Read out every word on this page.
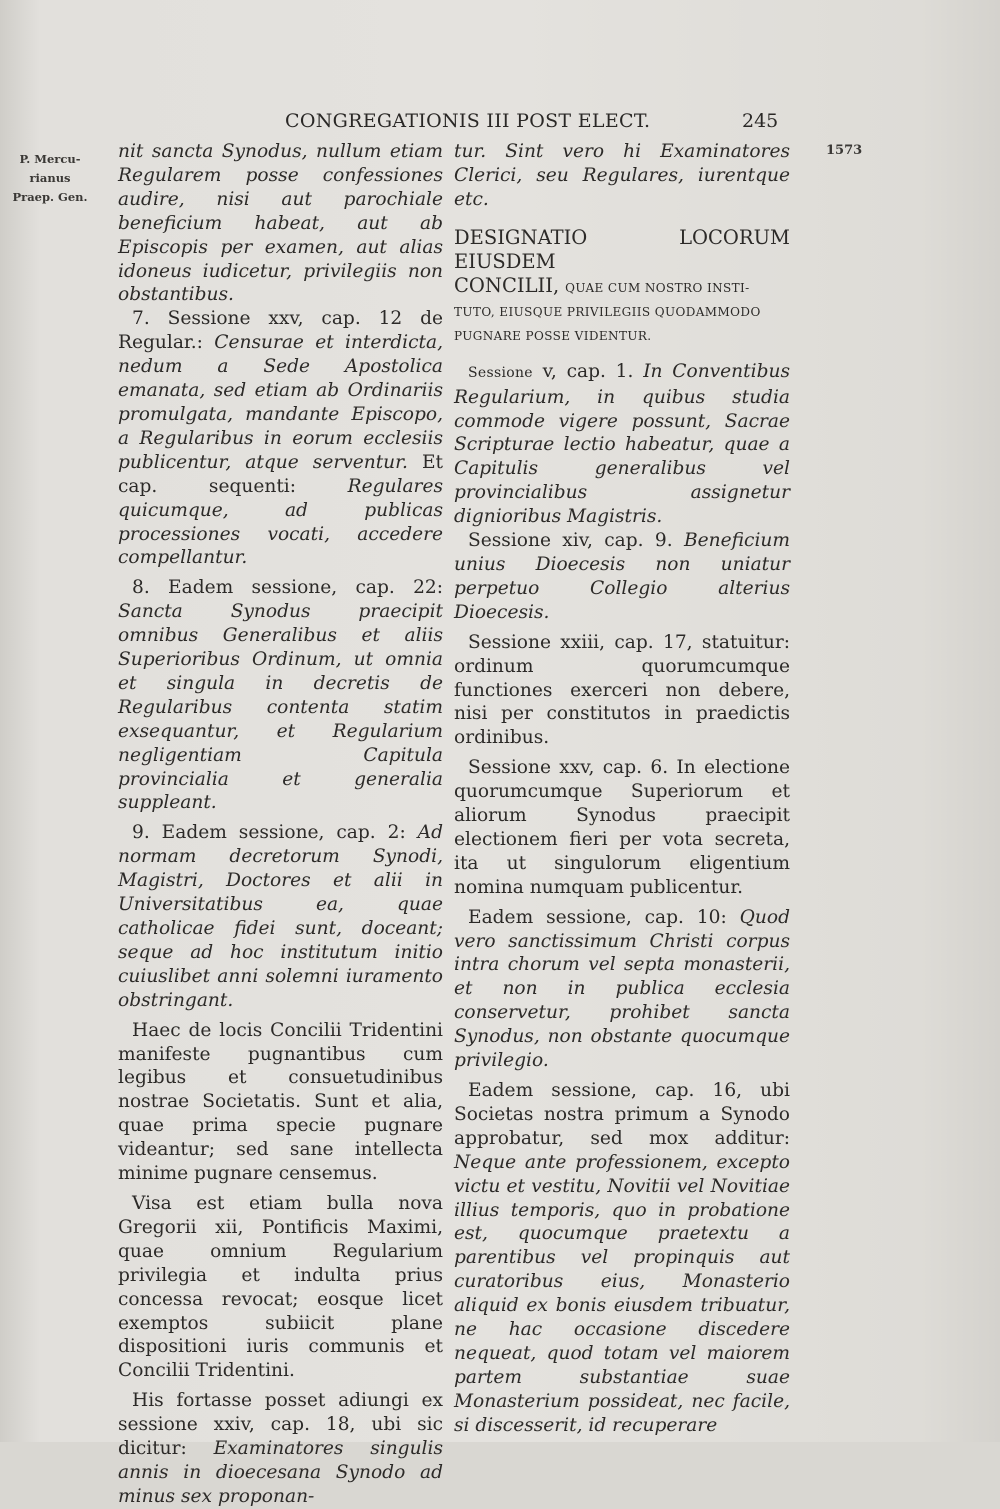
CONGREGATIONIS III POST ELECT.	245
P. Mercu-
rianus
Praep. Gen.
1573

nit sancta Synodus, nullum etiam Regularem posse confessiones audire, nisi aut parochiale beneficium habeat, aut ab Episcopis per examen, aut alias idoneus iudicetur, privilegiis non obstantibus.

7. Sessione xxv, cap. 12 de Regular.: Censurae et interdicta, nedum a Sede Apostolica emanata, sed etiam ab Ordinariis promulgata, mandante Episcopo, a Regularibus in eorum ecclesiis publicentur, atque serventur. Et cap. sequenti: Regulares quicumque, ad publicas processiones vocati, accedere compellantur.

8. Eadem sessione, cap. 22: Sancta Synodus praecipit omnibus Generalibus et aliis Superioribus Ordinum, ut omnia et singula in decretis de Regularibus contenta statim exsequantur, et Regularium negligentiam Capitula provincialia et generalia suppleant.

9. Eadem sessione, cap. 2: Ad normam decretorum Synodi, Magistri, Doctores et alii in Universitatibus ea, quae catholicae fidei sunt, doceant; seque ad hoc institutum initio cuiuslibet anni solemni iuramento obstringant.

Haec de locis Concilii Tridentini manifeste pugnantibus cum legibus et consuetudinibus nostrae Societatis. Sunt et alia, quae prima specie pugnare videantur; sed sane intellecta minime pugnare censemus.

Visa est etiam bulla nova Gregorii xii, Pontificis Maximi, quae omnium Regularium privilegia et indulta prius concessa revocat; eosque licet exemptos subiicit plane dispositioni iuris communis et Concilii Tridentini.

His fortasse posset adiungi ex sessione xxiv, cap. 18, ubi sic dicitur: Examinatores singulis annis in dioecesana Synodo ad minus sex proponan-

tur. Sint vero hi Examinatores Clerici, seu Regulares, iurentque etc.

DESIGNATIO LOCORUM EIUSDEM
CONCILII, QUAE CUM NOSTRO INSTI-
TUTO, EIUSQUE PRIVILEGIIS QUODAMMODO
PUGNARE POSSE VIDENTUR.

Sessione v, cap. 1. In Conventibus Regularium, in quibus studia commode vigere possunt, Sacrae Scripturae lectio habeatur, quae a Capitulis generalibus vel provincialibus assignetur dignioribus Magistris.

Sessione xiv, cap. 9. Beneficium unius Dioecesis non uniatur perpetuo Collegio alterius Dioecesis.

Sessione xxiii, cap. 17, statuitur: ordinum quorumcumque functiones exerceri non debere, nisi per constitutos in praedictis ordinibus.

Sessione xxv, cap. 6. In electione quorumcumque Superiorum et aliorum Synodus praecipit electionem fieri per vota secreta, ita ut singulorum eligentium nomina numquam publicentur.

Eadem sessione, cap. 10: Quod vero sanctissimum Christi corpus intra chorum vel septa monasterii, et non in publica ecclesia conservetur, prohibet sancta Synodus, non obstante quocumque privilegio.

Eadem sessione, cap. 16, ubi Societas nostra primum a Synodo approbatur, sed mox additur: Neque ante professionem, excepto victu et vestitu, Novitii vel Novitiae illius temporis, quo in probatione est, quocumque praetextu a parentibus vel propinquis aut curatoribus eius, Monasterio aliquid ex bonis eiusdem tribuatur, ne hac occasione discedere nequeat, quod totam vel maiorem partem substantiae suae Monasterium possideat, nec facile, si discesserit, id recuperare
